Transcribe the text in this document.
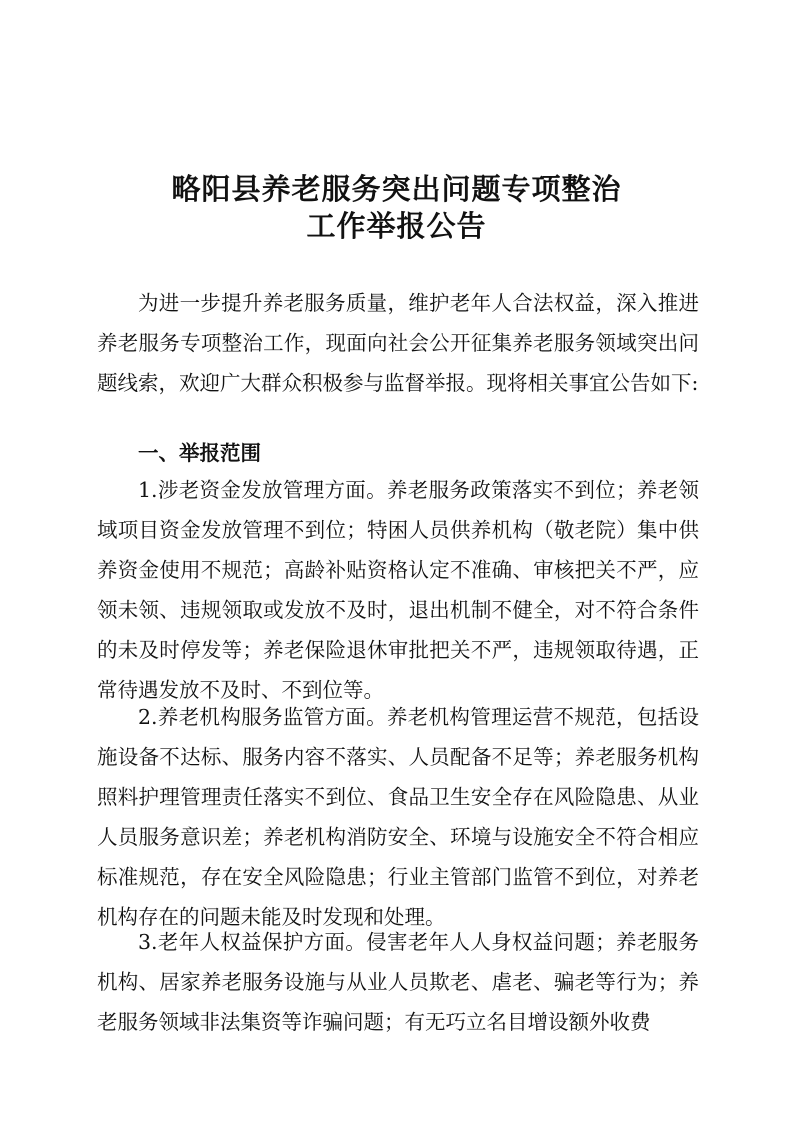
略阳县养老服务突出问题专项整治
工作举报公告

为进一步提升养老服务质量，维护老年人合法权益，深入推进养老服务专项整治工作，现面向社会公开征集养老服务领域突出问题线索，欢迎广大群众积极参与监督举报。现将相关事宜公告如下:

一、举报范围

1.涉老资金发放管理方面。养老服务政策落实不到位；养老领域项目资金发放管理不到位；特困人员供养机构（敬老院）集中供养资金使用不规范；高龄补贴资格认定不准确、审核把关不严，应领未领、违规领取或发放不及时，退出机制不健全，对不符合条件的未及时停发等；养老保险退休审批把关不严，违规领取待遇，正常待遇发放不及时、不到位等。

2.养老机构服务监管方面。养老机构管理运营不规范，包括设施设备不达标、服务内容不落实、人员配备不足等；养老服务机构照料护理管理责任落实不到位、食品卫生安全存在风险隐患、从业人员服务意识差；养老机构消防安全、环境与设施安全不符合相应标准规范，存在安全风险隐患；行业主管部门监管不到位，对养老机构存在的问题未能及时发现和处理。

3.老年人权益保护方面。侵害老年人人身权益问题；养老服务机构、居家养老服务设施与从业人员欺老、虐老、骗老等行为；养老服务领域非法集资等诈骗问题；有无巧立名目增设额外收费
